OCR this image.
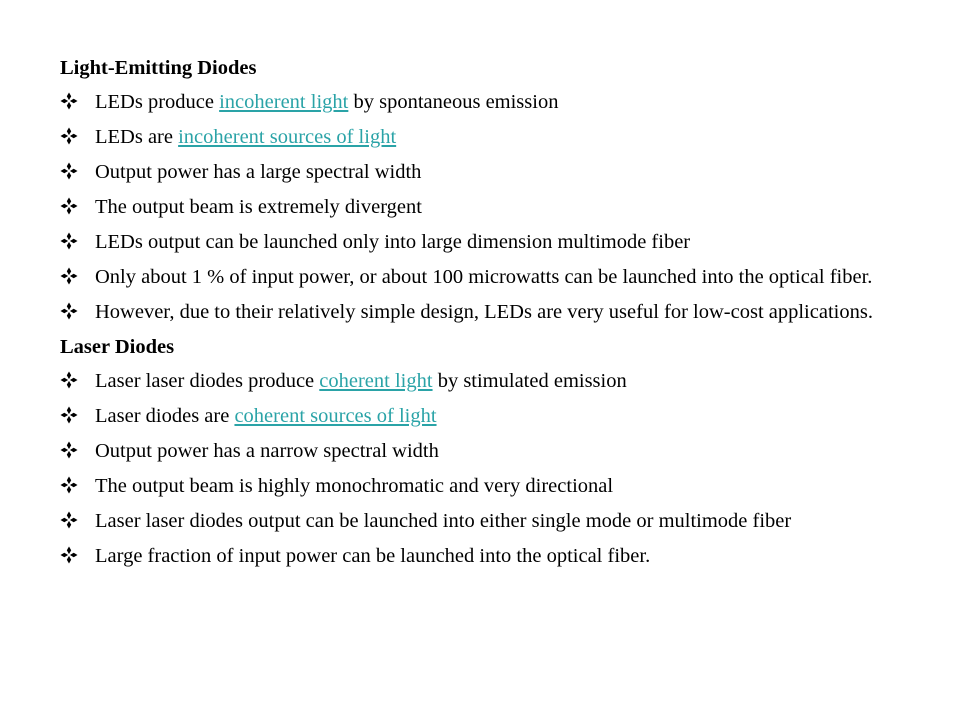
Light-Emitting Diodes
LEDs produce incoherent light by spontaneous emission
LEDs are incoherent sources of light
Output power has a large spectral width
The output beam is extremely divergent
LEDs output can be launched only into large dimension multimode fiber
Only about 1 % of input power, or about 100 microwatts can be launched into the optical fiber.
However, due to their relatively simple design, LEDs are very useful for low-cost applications.
Laser Diodes
Laser laser diodes produce coherent light by stimulated emission
Laser diodes are coherent sources of light
Output power has a narrow spectral width
The output beam is highly monochromatic and very directional
Laser laser diodes output can be launched into either single mode or multimode fiber
Large fraction of input power can be launched into the optical fiber.
